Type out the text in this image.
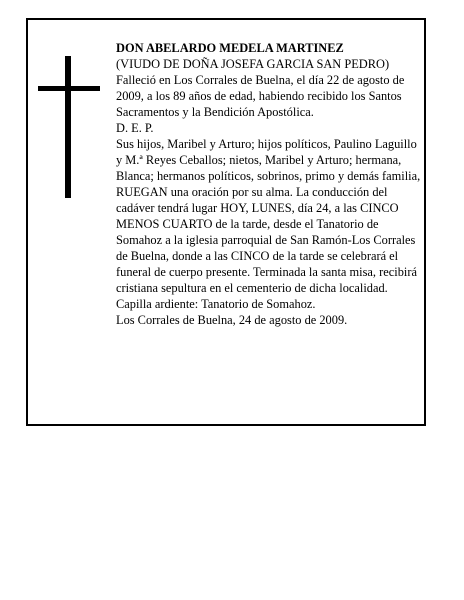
DON ABELARDO MEDELA MARTINEZ

(VIUDO DE DOÑA JOSEFA GARCIA SAN PEDRO)

Falleció en Los Corrales de Buelna, el día 22 de agosto de 2009, a los 89 años de edad, habiendo recibido los Santos Sacramentos y la Bendición Apostólica.

D. E. P.

Sus hijos, Maribel y Arturo; hijos políticos, Paulino Laguillo y M.ª Reyes Ceballos; nietos, Maribel y Arturo; hermana, Blanca; hermanos políticos, sobrinos, primo y demás familia,

RUEGAN una oración por su alma. La conducción del cadáver tendrá lugar HOY, LUNES, día 24, a las CINCO MENOS CUARTO de la tarde, desde el Tanatorio de Somahoz a la iglesia parroquial de San Ramón-Los Corrales de Buelna, donde a las CINCO de la tarde se celebrará el funeral de cuerpo presente. Terminada la santa misa, recibirá cristiana sepultura en el cementerio de dicha localidad. Capilla ardiente: Tanatorio de Somahoz.

Los Corrales de Buelna, 24 de agosto de 2009.
